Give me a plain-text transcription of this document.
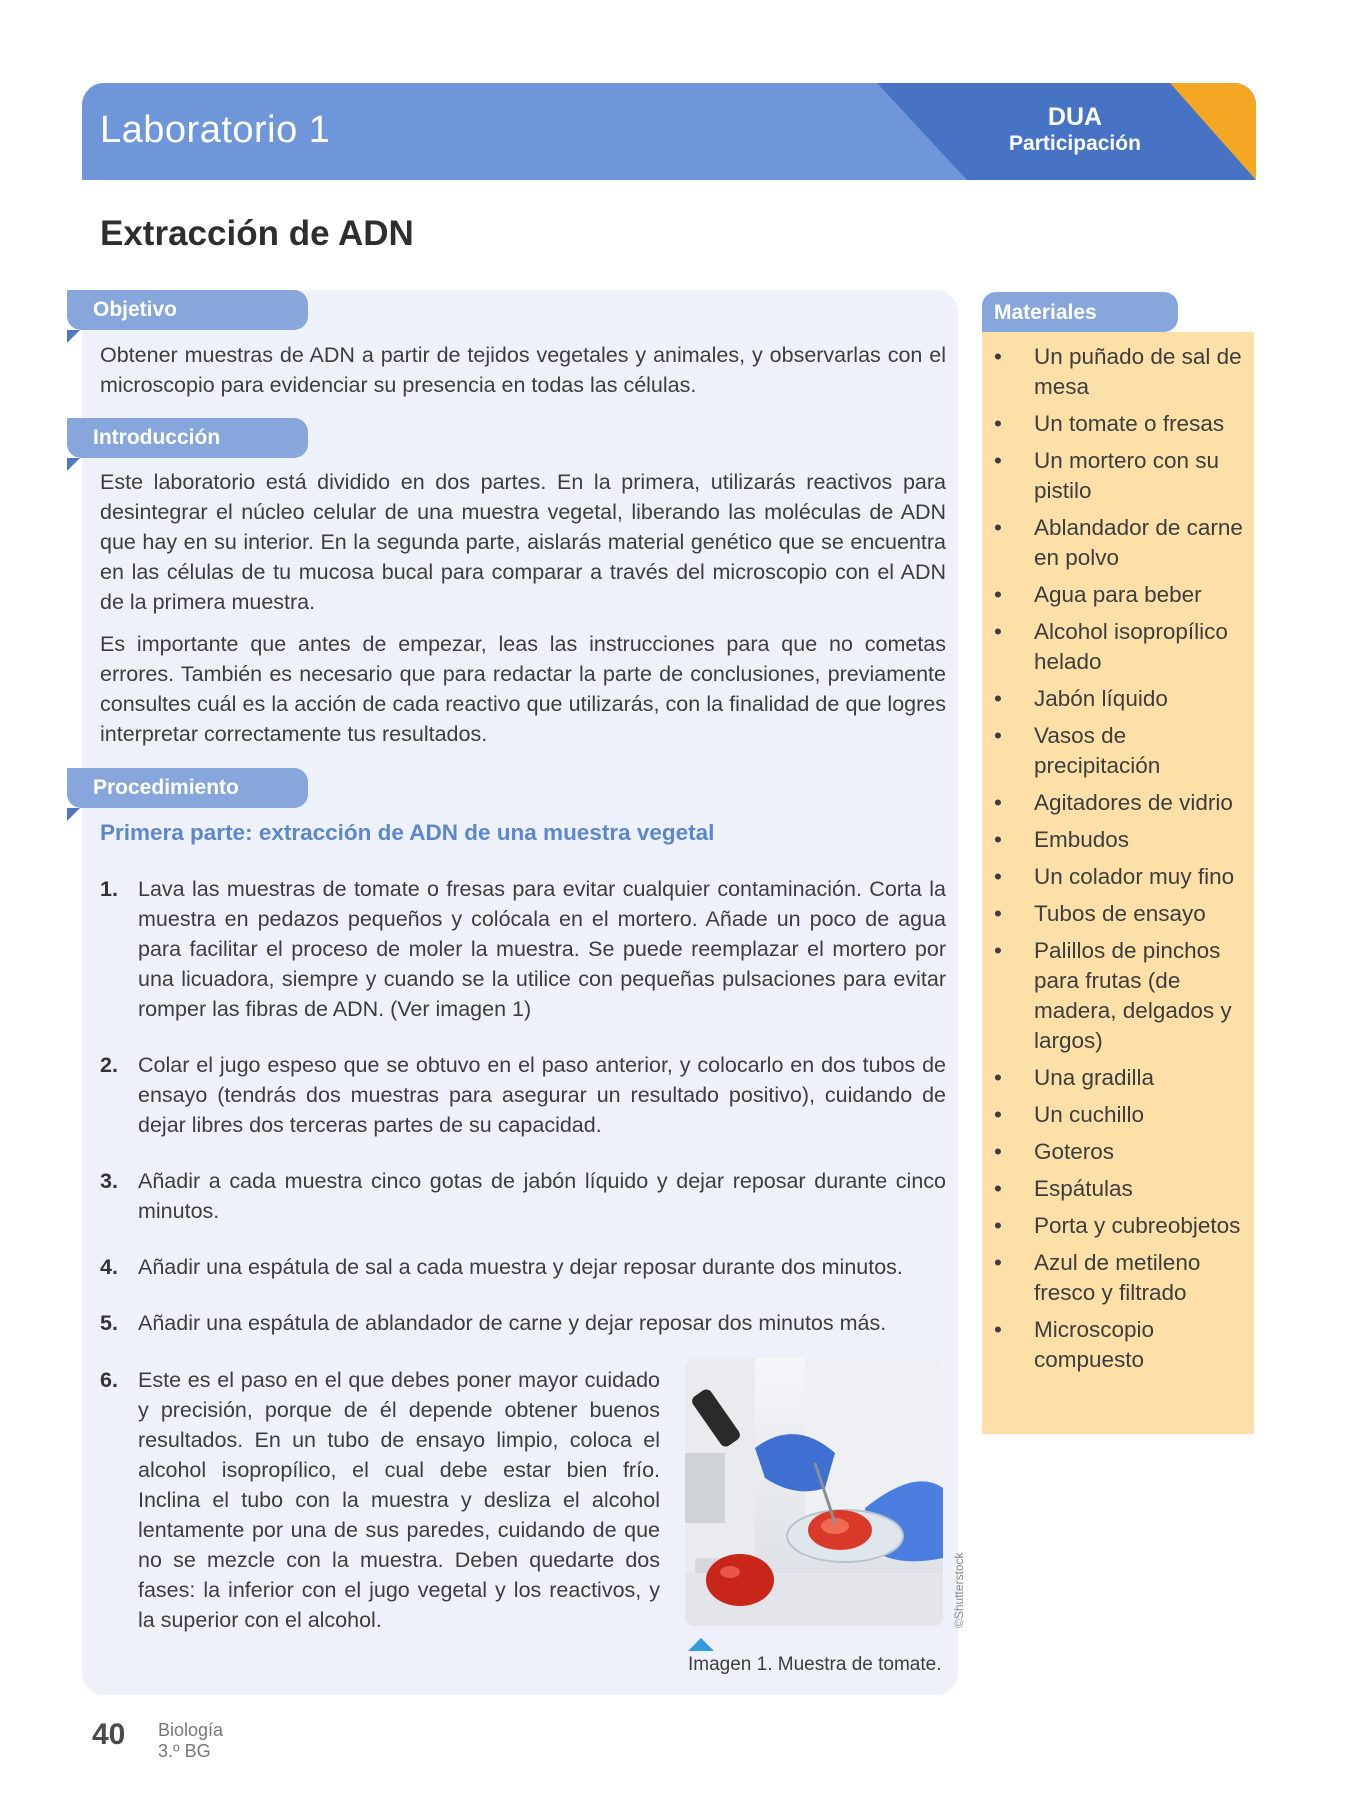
Laboratorio 1	DUA
Participación
Extracción de ADN
Objetivo

Obtener muestras de ADN a partir de tejidos vegetales y animales, y observarlas con el microscopio para evidenciar su presencia en todas las células.

Introducción

Este laboratorio está dividido en dos partes. En la primera, utilizarás reactivos para desintegrar el núcleo celular de una muestra vegetal, liberando las moléculas de ADN que hay en su interior. En la segunda parte, aislarás material genético que se encuentra en las células de tu mucosa bucal para comparar a través del microscopio con el ADN de la primera muestra.

Es importante que antes de empezar, leas las instrucciones para que no cometas errores. También es necesario que para redactar la parte de conclusiones, previamente consultes cuál es la acción de cada reactivo que utilizarás, con la finalidad de que logres interpretar correctamente tus resultados.

Procedimiento
Primera parte: extracción de ADN de una muestra vegetal
1. Lava las muestras de tomate o fresas para evitar cualquier contaminación. Corta la muestra en pedazos pequeños y colócala en el mortero. Añade un poco de agua para facilitar el proceso de moler la muestra. Se puede reemplazar el mortero por una licuadora, siempre y cuando se la utilice con pequeñas pulsaciones para evitar romper las fibras de ADN. (Ver imagen 1)
2. Colar el jugo espeso que se obtuvo en el paso anterior, y colocarlo en dos tubos de ensayo (tendrás dos muestras para asegurar un resultado positivo), cuidando de dejar libres dos terceras partes de su capacidad.
3. Añadir a cada muestra cinco gotas de jabón líquido y dejar reposar durante cinco minutos.
4. Añadir una espátula de sal a cada muestra y dejar reposar durante dos minutos.
5. Añadir una espátula de ablandador de carne y dejar reposar dos minutos más.
6. Este es el paso en el que debes poner mayor cuidado y precisión, porque de él depende obtener buenos resultados. En un tubo de ensayo limpio, coloca el alcohol isopropílico, el cual debe estar bien frío. Inclina el tubo con la muestra y desliza el alcohol lentamente por una de sus paredes, cuidando de que no se mezcle con la muestra. Deben quedarte dos fases: la inferior con el jugo vegetal y los reactivos, y la superior con el alcohol.	©Shutterstock
Imagen 1. Muestra de tomate.
Materiales
• Un puñado de sal de mesa
• Un tomate o fresas
• Un mortero con su pistilo
• Ablandador de carne en polvo
• Agua para beber
• Alcohol isopropílico helado
• Jabón líquido
• Vasos de precipitación
• Agitadores de vidrio
• Embudos
• Un colador muy fino
• Tubos de ensayo
• Palillos de pinchos para frutas (de madera, delgados y largos)
• Una gradilla
• Un cuchillo
• Goteros
• Espátulas
• Porta y cubreobjetos
• Azul de metileno fresco y filtrado
• Microscopio compuesto
40 Biología
3.º BG
